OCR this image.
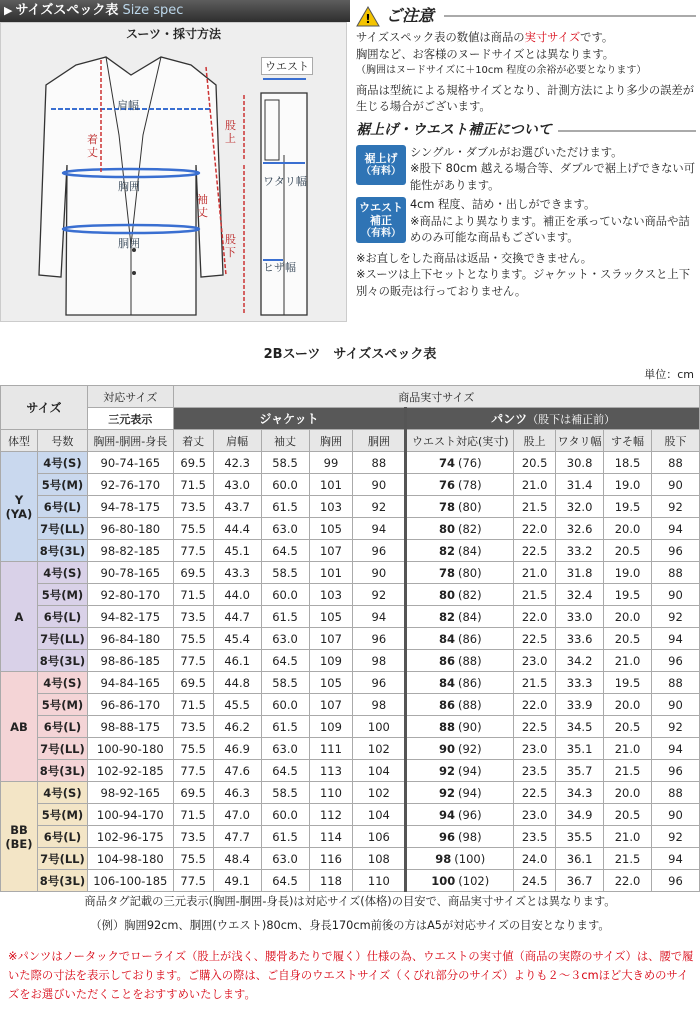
▶ サイズスペック表 Size spec
スーツ・採寸方法
ウエスト
肩幅
着丈
胸囲
胴囲
袖丈
股上
ワタリ幅
股下
ヒザ幅
! ご注意
サイズスペック表の数値は商品の実寸サイズです。
胸囲など、お客様のヌードサイズとは異なります。
（胸囲はヌードサイズに＋10cm 程度の余裕が必要となります）
商品は型統による規格サイズとなり、計測方法により多少の誤差が生じる場合がございます。
裾上げ・ウエスト補正について
裾上げ
（有料）
シングル・ダブルがお選びいただけます。
※股下 80cm 越える場合等、ダブルで裾上げできない可能性があります。
ウエスト補正
（有料）
4cm 程度、詰め・出しができます。
※商品により異なります。補正を承っていない商品や詰めのみ可能な商品もございます。
※お直しをした商品は返品・交換できません。
※スーツは上下セットとなります。ジャケット・スラックスと上下別々の販売は行っておりません。
2Bスーツ　サイズスペック表
単位：cm
サイズ		対応サイズ	商品実寸サイズ									
		三元表示	ジャケット					パンツ（股下は補正前）				
体型	号数	胸囲-胴囲-身長	着丈	肩幅	袖丈	胸囲	胴囲	ウエスト対応(実寸)	股上	ワタリ幅	すそ幅	股下
Y
(YA)	4号(S)	90-74-165	69.5	42.3	58.5	99	88	74 (76)	20.5	30.8	18.5	88
	5号(M)	92-76-170	71.5	43.0	60.0	101	90	76 (78)	21.0	31.4	19.0	90
	6号(L)	94-78-175	73.5	43.7	61.5	103	92	78 (80)	21.5	32.0	19.5	92
	7号(LL)	96-80-180	75.5	44.4	63.0	105	94	80 (82)	22.0	32.6	20.0	94
	8号(3L)	98-82-185	77.5	45.1	64.5	107	96	82 (84)	22.5	33.2	20.5	96
A	4号(S)	90-78-165	69.5	43.3	58.5	101	90	78 (80)	21.0	31.8	19.0	88
	5号(M)	92-80-170	71.5	44.0	60.0	103	92	80 (82)	21.5	32.4	19.5	90
	6号(L)	94-82-175	73.5	44.7	61.5	105	94	82 (84)	22.0	33.0	20.0	92
	7号(LL)	96-84-180	75.5	45.4	63.0	107	96	84 (86)	22.5	33.6	20.5	94
	8号(3L)	98-86-185	77.5	46.1	64.5	109	98	86 (88)	23.0	34.2	21.0	96
AB	4号(S)	94-84-165	69.5	44.8	58.5	105	96	84 (86)	21.5	33.3	19.5	88
	5号(M)	96-86-170	71.5	45.5	60.0	107	98	86 (88)	22.0	33.9	20.0	90
	6号(L)	98-88-175	73.5	46.2	61.5	109	100	88 (90)	22.5	34.5	20.5	92
	7号(LL)	100-90-180	75.5	46.9	63.0	111	102	90 (92)	23.0	35.1	21.0	94
	8号(3L)	102-92-185	77.5	47.6	64.5	113	104	92 (94)	23.5	35.7	21.5	96
BB
(BE)	4号(S)	98-92-165	69.5	46.3	58.5	110	102	92 (94)	22.5	34.3	20.0	88
	5号(M)	100-94-170	71.5	47.0	60.0	112	104	94 (96)	23.0	34.9	20.5	90
	6号(L)	102-96-175	73.5	47.7	61.5	114	106	96 (98)	23.5	35.5	21.0	92
	7号(LL)	104-98-180	75.5	48.4	63.0	116	108	98 (100)	24.0	36.1	21.5	94
	8号(3L)	106-100-185	77.5	49.1	64.5	118	110	100 (102)	24.5	36.7	22.0	96
商品タグ記載の三元表示(胸囲-胴囲-身長)は対応サイズ(体格)の目安で、商品実寸サイズとは異なります。
（例）胸囲92cm、胴囲(ウエスト)80cm、身長170cm前後の方はA5が対応サイズの目安となります。
※パンツはノータックでローライズ（股上が浅く、腰骨あたりで履く）仕様の為、ウエストの実寸値（商品の実際のサイズ）は、腰で履いた際の寸法を表示しております。ご購入の際は、ご自身のウエストサイズ（くびれ部分のサイズ）よりも２～３cmほど大きめのサイズをお選びいただくことをおすすめいたします。
